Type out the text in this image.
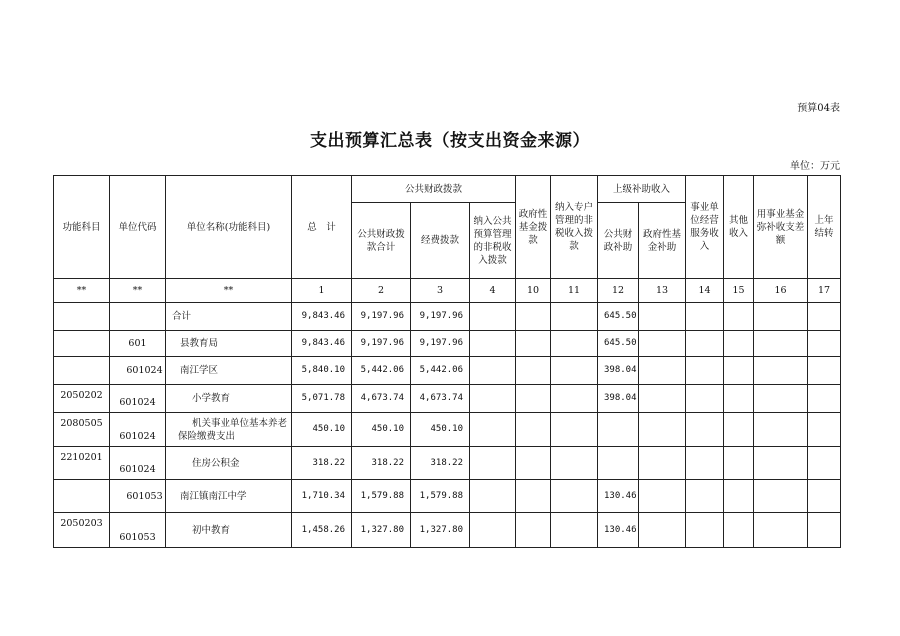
预算04表
支出预算汇总表（按支出资金来源）
单位：万元
功能科目	单位代码	单位名称(功能科目)	总　计	公共财政拨款			政府性基金拨款	纳入专户管理的非税收入拨款	上级补助收入		事业单位经营服务收入	其他收入	用事业基金弥补收支差额	上年结转
				公共财政拨款合计	经费拨款	纳入公共预算管理的非税收入拨款			公共财政补助	政府性基金补助				
**	**	**	1	2	3	4	10	11	12	13	14	15	16	17
		合计	9,843.46	9,197.96	9,197.96				645.50					
	601	县教育局	9,843.46	9,197.96	9,197.96				645.50					
	601024	南江学区	5,840.10	5,442.06	5,442.06				398.04					
2050202	601024	小学教育	5,071.78	4,673.74	4,673.74				398.04					
2080505	601024	机关事业单位基本养老保险缴费支出	450.10	450.10	450.10									
2210201	601024	住房公积金	318.22	318.22	318.22									
	601053	南江镇南江中学	1,710.34	1,579.88	1,579.88				130.46					
2050203	601053	初中教育	1,458.26	1,327.80	1,327.80				130.46					
